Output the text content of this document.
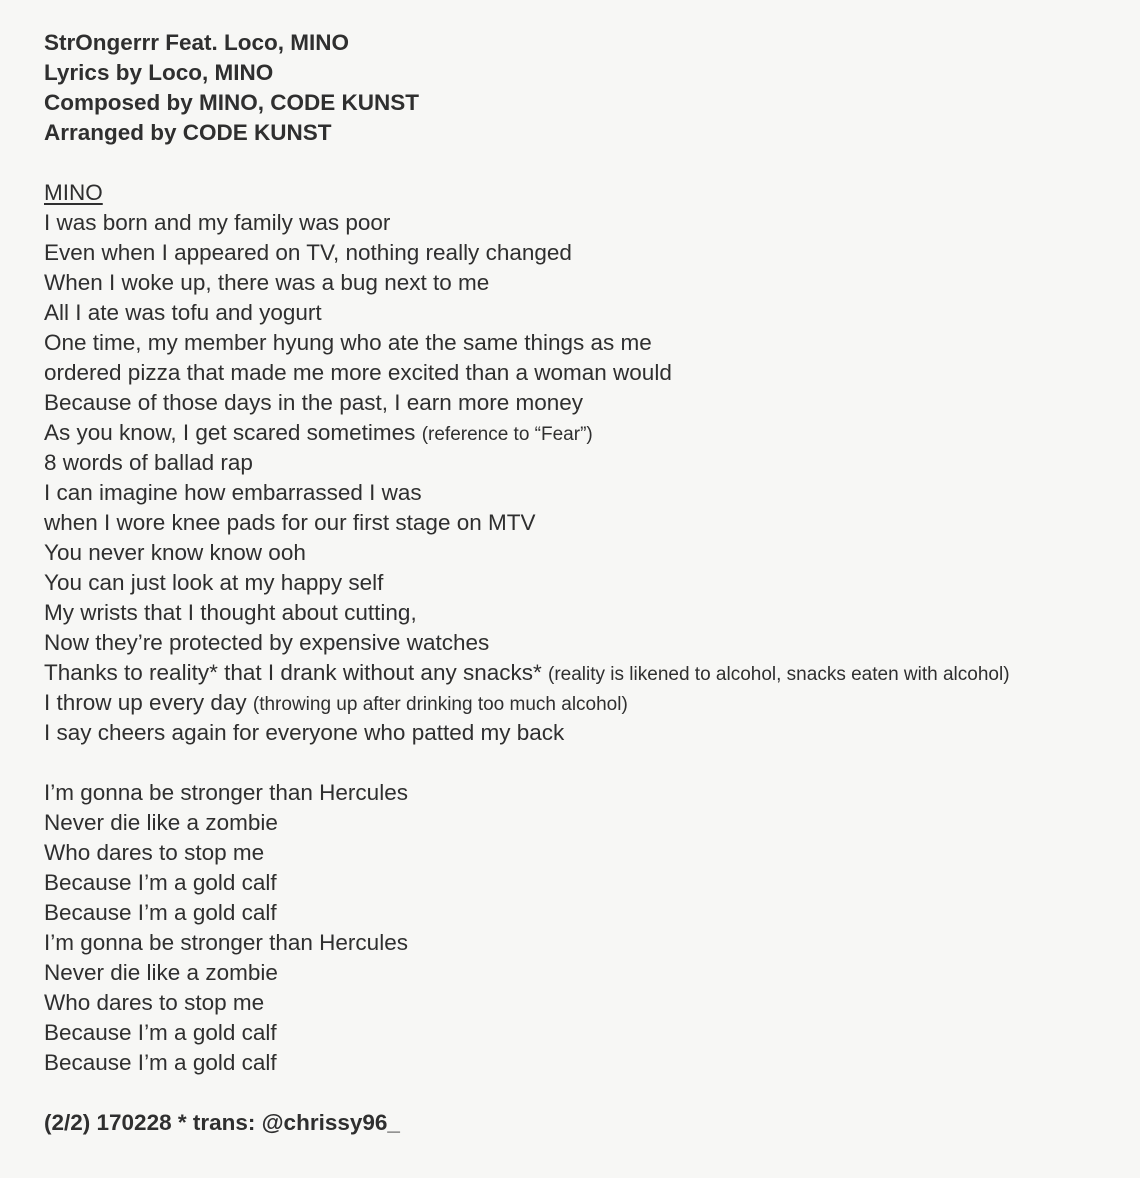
StrOngerrr Feat. Loco, MINO
Lyrics by Loco, MINO
Composed by MINO, CODE KUNST
Arranged by CODE KUNST
MINO
I was born and my family was poor
Even when I appeared on TV, nothing really changed
When I woke up, there was a bug next to me
All I ate was tofu and yogurt
One time, my member hyung who ate the same things as me
ordered pizza that made me more excited than a woman would
Because of those days in the past, I earn more money
As you know, I get scared sometimes (reference to “Fear”)
8 words of ballad rap
I can imagine how embarrassed I was
when I wore knee pads for our first stage on MTV
You never know know ooh
You can just look at my happy self
My wrists that I thought about cutting,
Now they’re protected by expensive watches
Thanks to reality* that I drank without any snacks* (reality is likened to alcohol, snacks eaten with alcohol)
I throw up every day (throwing up after drinking too much alcohol)
I say cheers again for everyone who patted my back
I’m gonna be stronger than Hercules
Never die like a zombie
Who dares to stop me
Because I’m a gold calf
Because I’m a gold calf
I’m gonna be stronger than Hercules
Never die like a zombie
Who dares to stop me
Because I’m a gold calf
Because I’m a gold calf
(2/2) 170228 * trans: @chrissy96_
